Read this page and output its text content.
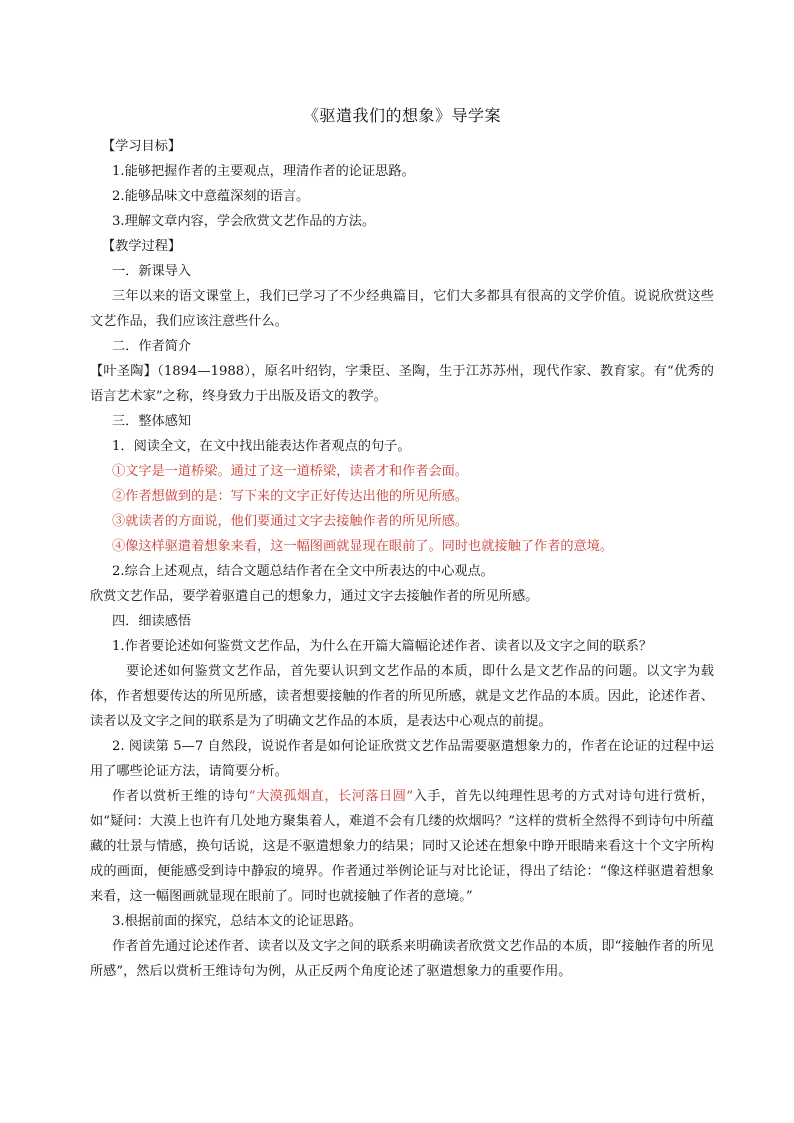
《驱遣我们的想象》导学案

【学习目标】

1.能够把握作者的主要观点，理清作者的论证思路。

2.能够品味文中意蕴深刻的语言。

3.理解文章内容，学会欣赏文艺作品的方法。

【教学过程】

一．新课导入

三年以来的语文课堂上，我们已学习了不少经典篇目，它们大多都具有很高的文学价值。说说欣赏这些文艺作品，我们应该注意些什么。

二．作者简介

【叶圣陶】（1894—1988），原名叶绍钧，字秉臣、圣陶，生于江苏苏州，现代作家、教育家。有“优秀的语言艺术家”之称，终身致力于出版及语文的教学。

三．整体感知

1．阅读全文，在文中找出能表达作者观点的句子。

①文字是一道桥梁。通过了这一道桥梁，读者才和作者会面。

②作者想做到的是：写下来的文字正好传达出他的所见所感。

③就读者的方面说，他们要通过文字去接触作者的所见所感。

④像这样驱遣着想象来看，这一幅图画就显现在眼前了。同时也就接触了作者的意境。

2.综合上述观点，结合文题总结作者在全文中所表达的中心观点。

欣赏文艺作品，要学着驱遣自己的想象力，通过文字去接触作者的所见所感。

四．细读感悟

1.作者要论述如何鉴赏文艺作品，为什么在开篇大篇幅论述作者、读者以及文字之间的联系？

要论述如何鉴赏文艺作品，首先要认识到文艺作品的本质，即什么是文艺作品的问题。以文字为载体，作者想要传达的所见所感，读者想要接触的作者的所见所感，就是文艺作品的本质。因此，论述作者、读者以及文字之间的联系是为了明确文艺作品的本质，是表达中心观点的前提。

2. 阅读第 5—7 自然段，说说作者是如何论证欣赏文艺作品需要驱遣想象力的，作者在论证的过程中运用了哪些论证方法，请简要分析。

作者以赏析王维的诗句“大漠孤烟直，长河落日圆”入手，首先以纯理性思考的方式对诗句进行赏析，如“疑问：大漠上也许有几处地方聚集着人，难道不会有几缕的炊烟吗？”这样的赏析全然得不到诗句中所蕴藏的壮景与情感，换句话说，这是不驱遣想象力的结果；同时又论述在想象中睁开眼睛来看这十个文字所构成的画面，便能感受到诗中静寂的境界。作者通过举例论证与对比论证，得出了结论：“像这样驱遣着想象来看，这一幅图画就显现在眼前了。同时也就接触了作者的意境。”

3.根据前面的探究，总结本文的论证思路。

作者首先通过论述作者、读者以及文字之间的联系来明确读者欣赏文艺作品的本质，即“接触作者的所见所感”，然后以赏析王维诗句为例，从正反两个角度论述了驱遣想象力的重要作用。
